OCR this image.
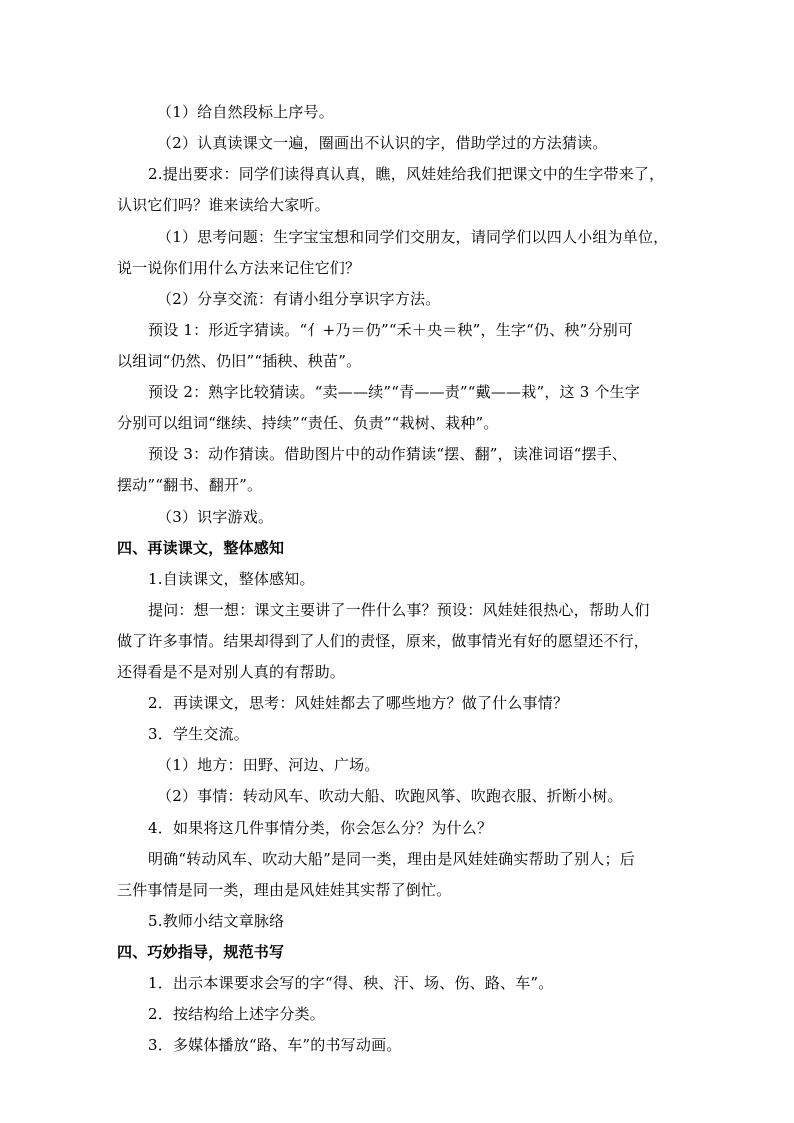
（1）给自然段标上序号。
（2）认真读课文一遍，圈画出不认识的字，借助学过的方法猜读。
2.提出要求：同学们读得真认真，瞧，风娃娃给我们把课文中的生字带来了，
认识它们吗？谁来读给大家听。
（1）思考问题：生字宝宝想和同学们交朋友，请同学们以四人小组为单位，
说一说你们用什么方法来记住它们？
（2）分享交流：有请小组分享识字方法。
预设 1：形近字猜读。“亻+乃＝仍”“禾＋央＝秧”，生字“仍、秧”分别可
以组词“仍然、仍旧”“插秧、秧苗”。
预设 2：熟字比较猜读。“卖——续”“青——责”“戴——栽”，这 3 个生字
分别可以组词“继续、持续”“责任、负责”“栽树、栽种”。
预设 3：动作猜读。借助图片中的动作猜读“摆、翻”，读准词语“摆手、
摆动”“翻书、翻开”。
（3）识字游戏。
四、再读课文，整体感知
1.自读课文，整体感知。
提问：想一想：课文主要讲了一件什么事？预设：风娃娃很热心，帮助人们
做了许多事情。结果却得到了人们的责怪，原来，做事情光有好的愿望还不行，
还得看是不是对别人真的有帮助。
2．再读课文，思考：风娃娃都去了哪些地方？做了什么事情？
3．学生交流。
（1）地方：田野、河边、广场。
（2）事情：转动风车、吹动大船、吹跑风筝、吹跑衣服、折断小树。
4．如果将这几件事情分类，你会怎么分？为什么？
明确“转动风车、吹动大船”是同一类，理由是风娃娃确实帮助了别人；后
三件事情是同一类，理由是风娃娃其实帮了倒忙。
5.教师小结文章脉络
四、巧妙指导，规范书写
1．出示本课要求会写的字“得、秧、汗、场、伤、路、车”。
2．按结构给上述字分类。
3．多媒体播放“路、车”的书写动画。
